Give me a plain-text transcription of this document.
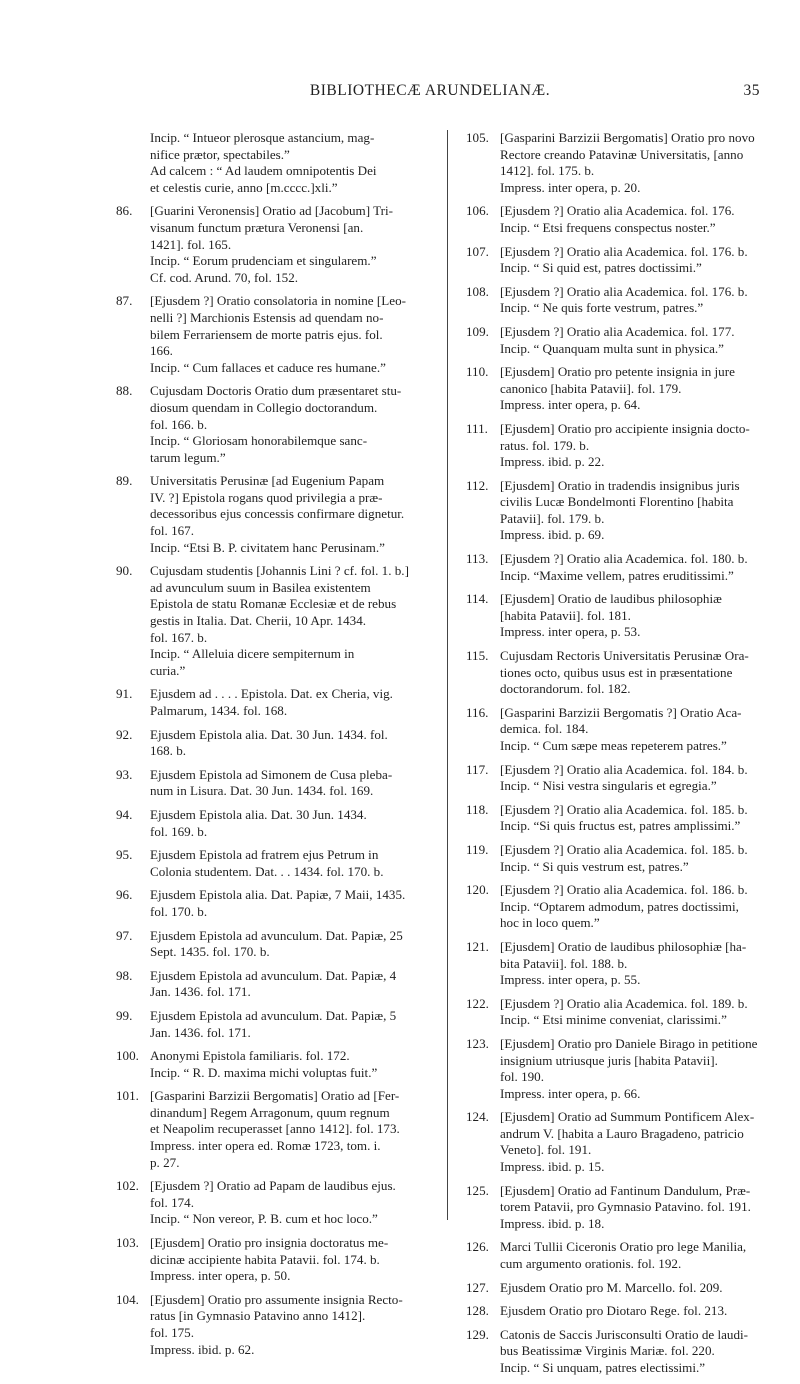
BIBLIOTHECÆ ARUNDELIANÆ.	35
Incip. “ Intueor plerosque astancium, mag-
nifice prætor, spectabiles.”
Ad calcem : “ Ad laudem omnipotentis Dei
et celestis curie, anno [m.cccc.]xli.”
86. [Guarini Veronensis] Oratio ad [Jacobum] Tri-
visanum functum prætura Veronensi [an.
1421]. fol. 165.
Incip. “ Eorum prudenciam et singularem.”
Cf. cod. Arund. 70, fol. 152.
87. [Ejusdem ?] Oratio consolatoria in nomine [Leo-
nelli ?] Marchionis Estensis ad quendam no-
bilem Ferrariensem de morte patris ejus. fol.
166.
Incip. “ Cum fallaces et caduce res humane.”
88. Cujusdam Doctoris Oratio dum præsentaret stu-
diosum quendam in Collegio doctorandum.
fol. 166. b.
Incip. “ Gloriosam honorabilemque sanc-
tarum legum.”
89. Universitatis Perusinæ [ad Eugenium Papam
IV. ?] Epistola rogans quod privilegia a præ-
decessoribus ejus concessis confirmare dignetur.
fol. 167.
Incip. “Etsi B. P. civitatem hanc Perusinam.”
90. Cujusdam studentis [Johannis Lini ? cf. fol. 1. b.]
ad avunculum suum in Basilea existentem
Epistola de statu Romanæ Ecclesiæ et de rebus
gestis in Italia. Dat. Cherii, 10 Apr. 1434.
fol. 167. b.
Incip. “ Alleluia dicere sempiternum in
curia.”
91. Ejusdem ad . . . . Epistola. Dat. ex Cheria, vig.
Palmarum, 1434. fol. 168.
92. Ejusdem Epistola alia. Dat. 30 Jun. 1434. fol.
168. b.
93. Ejusdem Epistola ad Simonem de Cusa pleba-
num in Lisura. Dat. 30 Jun. 1434. fol. 169.
94. Ejusdem Epistola alia. Dat. 30 Jun. 1434.
fol. 169. b.
95. Ejusdem Epistola ad fratrem ejus Petrum in
Colonia studentem. Dat. . . 1434. fol. 170. b.
96. Ejusdem Epistola alia. Dat. Papiæ, 7 Maii, 1435.
fol. 170. b.
97. Ejusdem Epistola ad avunculum. Dat. Papiæ, 25
Sept. 1435. fol. 170. b.
98. Ejusdem Epistola ad avunculum. Dat. Papiæ, 4
Jan. 1436. fol. 171.
99. Ejusdem Epistola ad avunculum. Dat. Papiæ, 5
Jan. 1436. fol. 171.
100. Anonymi Epistola familiaris. fol. 172.
Incip. “ R. D. maxima michi voluptas fuit.”
101. [Gasparini Barzizii Bergomatis] Oratio ad [Fer-
dinandum] Regem Arragonum, quum regnum
et Neapolim recuperasset [anno 1412]. fol. 173.
Impress. inter opera ed. Romæ 1723, tom. i.
p. 27.
102. [Ejusdem ?] Oratio ad Papam de laudibus ejus.
fol. 174.
Incip. “ Non vereor, P. B. cum et hoc loco.”
103. [Ejusdem] Oratio pro insignia doctoratus me-
dicinæ accipiente habita Patavii. fol. 174. b.
Impress. inter opera, p. 50.
104. [Ejusdem] Oratio pro assumente insignia Recto-
ratus [in Gymnasio Patavino anno 1412].
fol. 175.
Impress. ibid. p. 62.
105. [Gasparini Barzizii Bergomatis] Oratio pro novo
Rectore creando Patavinæ Universitatis, [anno
1412]. fol. 175. b.
Impress. inter opera, p. 20.
106. [Ejusdem ?] Oratio alia Academica. fol. 176.
Incip. “ Etsi frequens conspectus noster.”
107. [Ejusdem ?] Oratio alia Academica. fol. 176. b.
Incip. “ Si quid est, patres doctissimi.”
108. [Ejusdem ?] Oratio alia Academica. fol. 176. b.
Incip. “ Ne quis forte vestrum, patres.”
109. [Ejusdem ?] Oratio alia Academica. fol. 177.
Incip. “ Quanquam multa sunt in physica.”
110. [Ejusdem] Oratio pro petente insignia in jure
canonico [habita Patavii]. fol. 179.
Impress. inter opera, p. 64.
111. [Ejusdem] Oratio pro accipiente insignia docto-
ratus. fol. 179. b.
Impress. ibid. p. 22.
112. [Ejusdem] Oratio in tradendis insignibus juris
civilis Lucæ Bondelmonti Florentino [habita
Patavii]. fol. 179. b.
Impress. ibid. p. 69.
113. [Ejusdem ?] Oratio alia Academica. fol. 180. b.
Incip. “Maxime vellem, patres eruditissimi.”
114. [Ejusdem] Oratio de laudibus philosophiæ
[habita Patavii]. fol. 181.
Impress. inter opera, p. 53.
115. Cujusdam Rectoris Universitatis Perusinæ Ora-
tiones octo, quibus usus est in præsentatione
doctorandorum. fol. 182.
116. [Gasparini Barzizii Bergomatis ?] Oratio Aca-
demica. fol. 184.
Incip. “ Cum sæpe meas repeterem patres.”
117. [Ejusdem ?] Oratio alia Academica. fol. 184. b.
Incip. “ Nisi vestra singularis et egregia.”
118. [Ejusdem ?] Oratio alia Academica. fol. 185. b.
Incip. “Si quis fructus est, patres amplissimi.”
119. [Ejusdem ?] Oratio alia Academica. fol. 185. b.
Incip. “ Si quis vestrum est, patres.”
120. [Ejusdem ?] Oratio alia Academica. fol. 186. b.
Incip. “Optarem admodum, patres doctissimi,
hoc in loco quem.”
121. [Ejusdem] Oratio de laudibus philosophiæ [ha-
bita Patavii]. fol. 188. b.
Impress. inter opera, p. 55.
122. [Ejusdem ?] Oratio alia Academica. fol. 189. b.
Incip. “ Etsi minime conveniat, clarissimi.”
123. [Ejusdem] Oratio pro Daniele Birago in petitione
insignium utriusque juris [habita Patavii].
fol. 190.
Impress. inter opera, p. 66.
124. [Ejusdem] Oratio ad Summum Pontificem Alex-
andrum V. [habita a Lauro Bragadeno, patricio
Veneto]. fol. 191.
Impress. ibid. p. 15.
125. [Ejusdem] Oratio ad Fantinum Dandulum, Præ-
torem Patavii, pro Gymnasio Patavino. fol. 191.
Impress. ibid. p. 18.
126. Marci Tullii Ciceronis Oratio pro lege Manilia,
cum argumento orationis. fol. 192.
127. Ejusdem Oratio pro M. Marcello. fol. 209.
128. Ejusdem Oratio pro Diotaro Rege. fol. 213.
129. Catonis de Saccis Jurisconsulti Oratio de laudi-
bus Beatissimæ Virginis Mariæ. fol. 220.
Incip. “ Si unquam, patres electissimi.”
